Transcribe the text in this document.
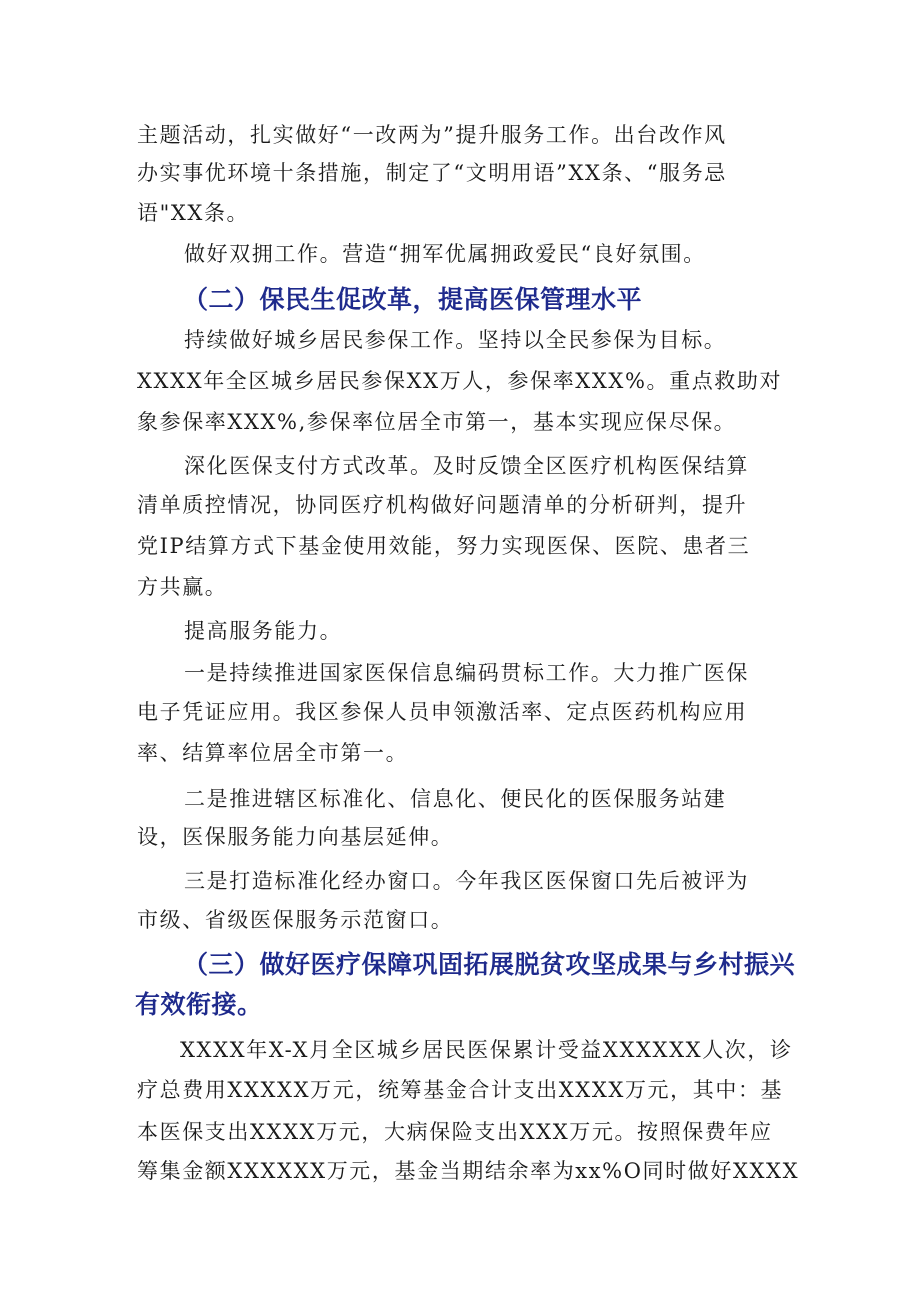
主题活动，扎实做好“一改两为”提升服务工作。出台改作风
办实事优环境十条措施，制定了“文明用语”XX条、“服务忌
语"XX条。
做好双拥工作。营造“拥军优属拥政爱民“良好氛围。
（二）保民生促改革，提高医保管理水平
持续做好城乡居民参保工作。坚持以全民参保为目标。
XXXX年全区城乡居民参保XX万人，参保率XXX%。重点救助对
象参保率XXX%,参保率位居全市第一，基本实现应保尽保。
深化医保支付方式改革。及时反馈全区医疗机构医保结算
清单质控情况，协同医疗机构做好问题清单的分析研判，提升
党IP结算方式下基金使用效能，努力实现医保、医院、患者三
方共赢。
提高服务能力。
一是持续推进国家医保信息编码贯标工作。大力推广医保
电子凭证应用。我区参保人员申领激活率、定点医药机构应用
率、结算率位居全市第一。
二是推进辖区标准化、信息化、便民化的医保服务站建
设，医保服务能力向基层延伸。
三是打造标准化经办窗口。今年我区医保窗口先后被评为
市级、省级医保服务示范窗口。
（三）做好医疗保障巩固拓展脱贫攻坚成果与乡村振兴
有效衔接。
XXXX年X-X月全区城乡居民医保累计受益XXXXXX人次，诊
疗总费用XXXXX万元，统筹基金合计支出XXXX万元，其中：基
本医保支出XXXX万元，大病保险支出XXX万元。按照保费年应
筹集金额XXXXXX万元，基金当期结余率为xx%O同时做好XXXX
